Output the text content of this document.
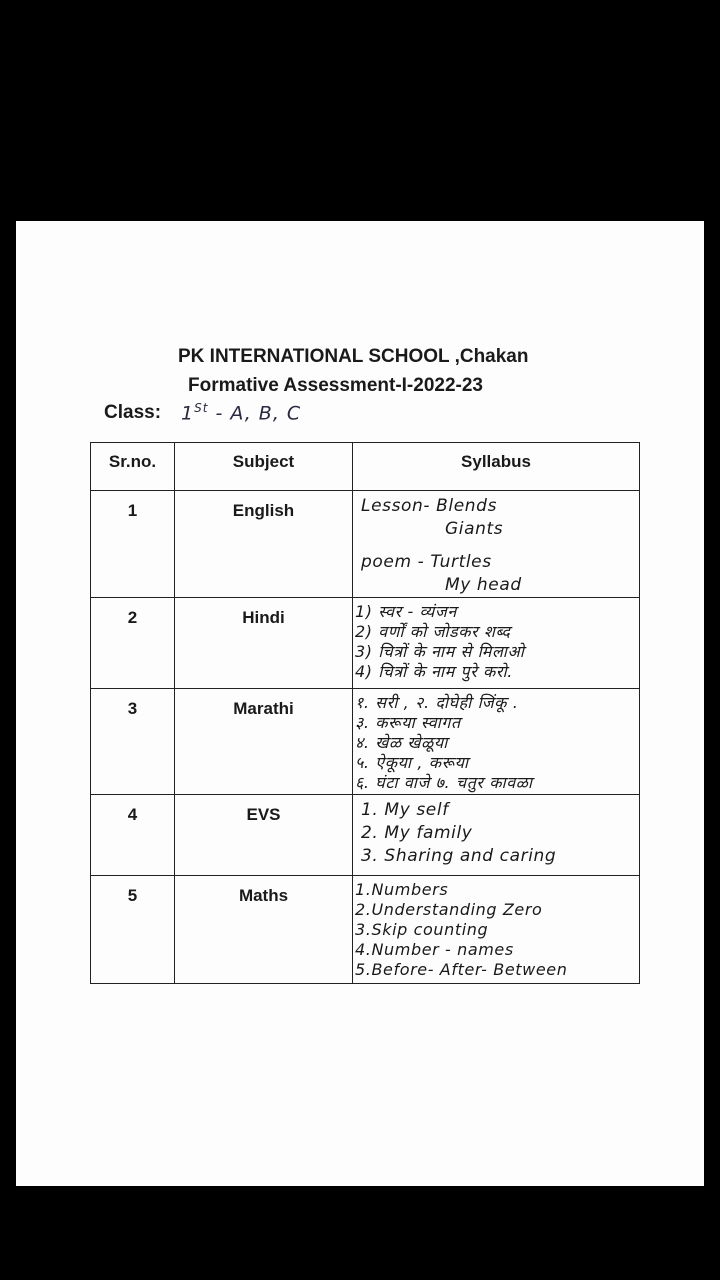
PK INTERNATIONAL SCHOOL ,Chakan
Formative Assessment-I-2022-23
Class: 1St - A, B, C
Sr.no.	Subject	Syllabus
1	English	Lesson- Blends
Giants
poem - Turtles
My head

2	Hindi	1) स्वर - व्यंजन
2) वर्णों को जोडकर शब्द
3) चित्रों के नाम से मिलाओ
4) चित्रों के नाम पुरे करो.

3	Marathi	१. सरी , २. दोघेही जिंकू .
३. करूया स्वागत
४. खेळ खेळूया
५. ऐकूया , करूया
६. घंटा वाजे ७. चतुर कावळा

4	EVS	1. My self
2. My family
3. Sharing and caring

5	Maths	1.Numbers
2.Understanding Zero
3.Skip counting
4.Number - names
5.Before- After- Between
